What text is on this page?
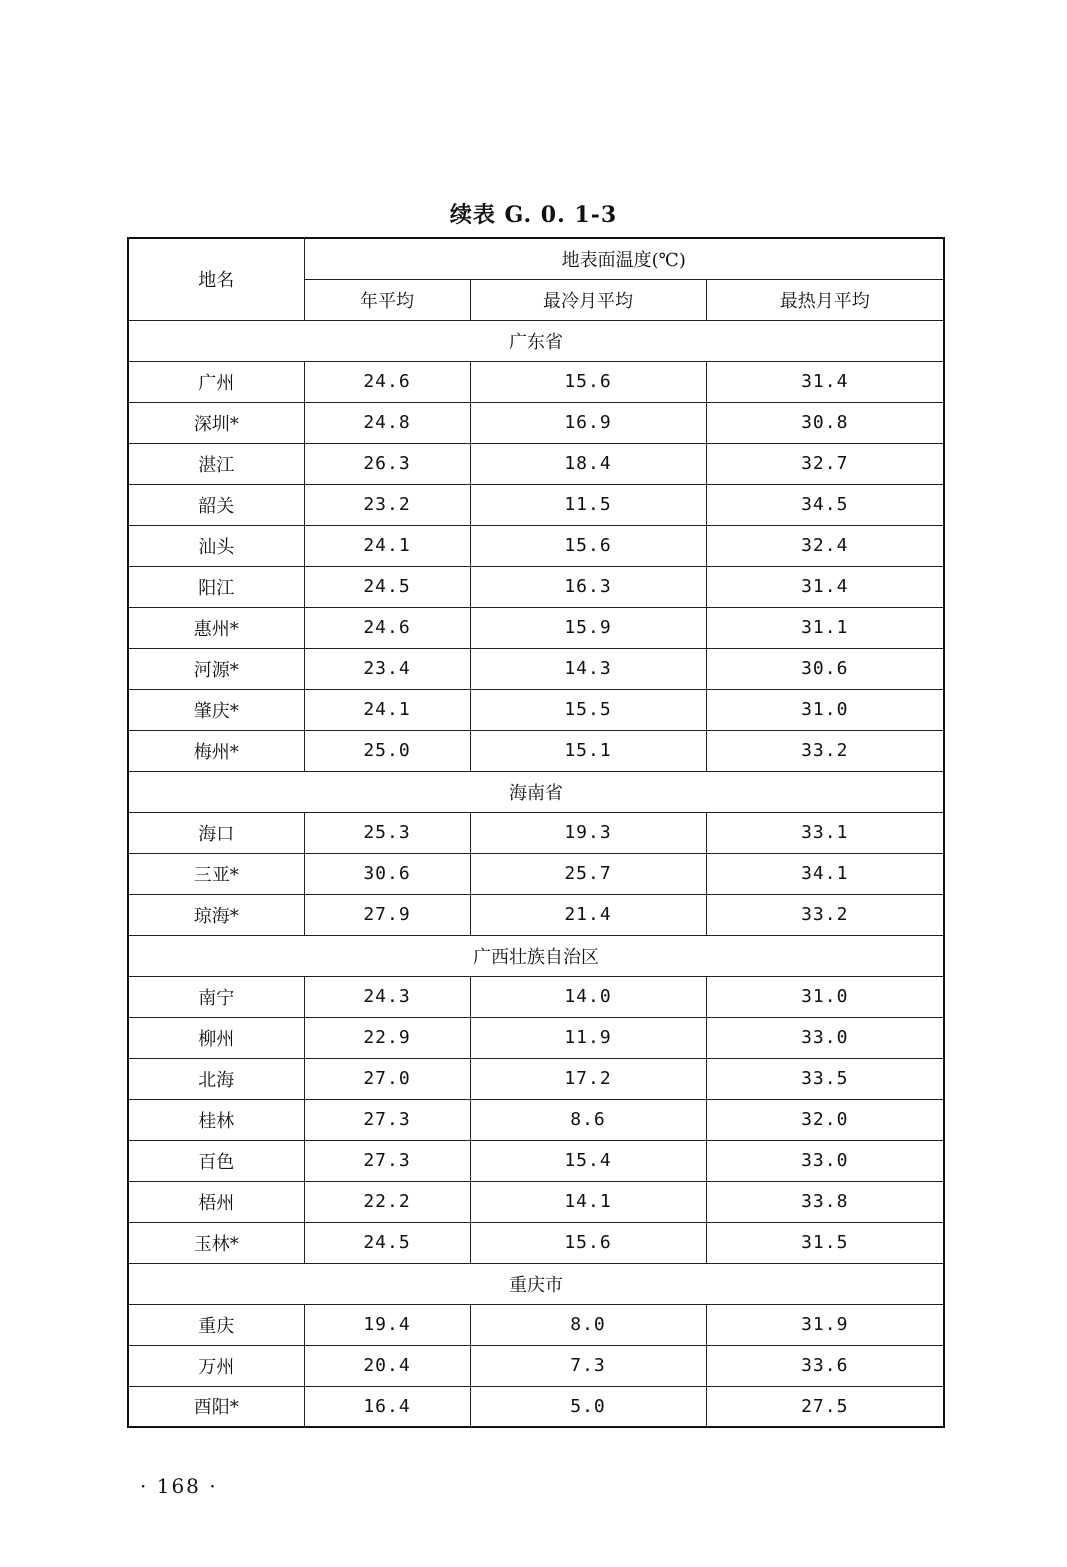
续表 G. 0. 1-3
地名	地表面温度(℃)		
	年平均	最冷月平均	最热月平均
广东省			
广州	24.6	15.6	31.4
深圳*	24.8	16.9	30.8
湛江	26.3	18.4	32.7
韶关	23.2	11.5	34.5
汕头	24.1	15.6	32.4
阳江	24.5	16.3	31.4
惠州*	24.6	15.9	31.1
河源*	23.4	14.3	30.6
肇庆*	24.1	15.5	31.0
梅州*	25.0	15.1	33.2
海南省			
海口	25.3	19.3	33.1
三亚*	30.6	25.7	34.1
琼海*	27.9	21.4	33.2
广西壮族自治区			
南宁	24.3	14.0	31.0
柳州	22.9	11.9	33.0
北海	27.0	17.2	33.5
桂林	27.3	8.6	32.0
百色	27.3	15.4	33.0
梧州	22.2	14.1	33.8
玉林*	24.5	15.6	31.5
重庆市			
重庆	19.4	8.0	31.9
万州	20.4	7.3	33.6
酉阳*	16.4	5.0	27.5
· 168 ·
